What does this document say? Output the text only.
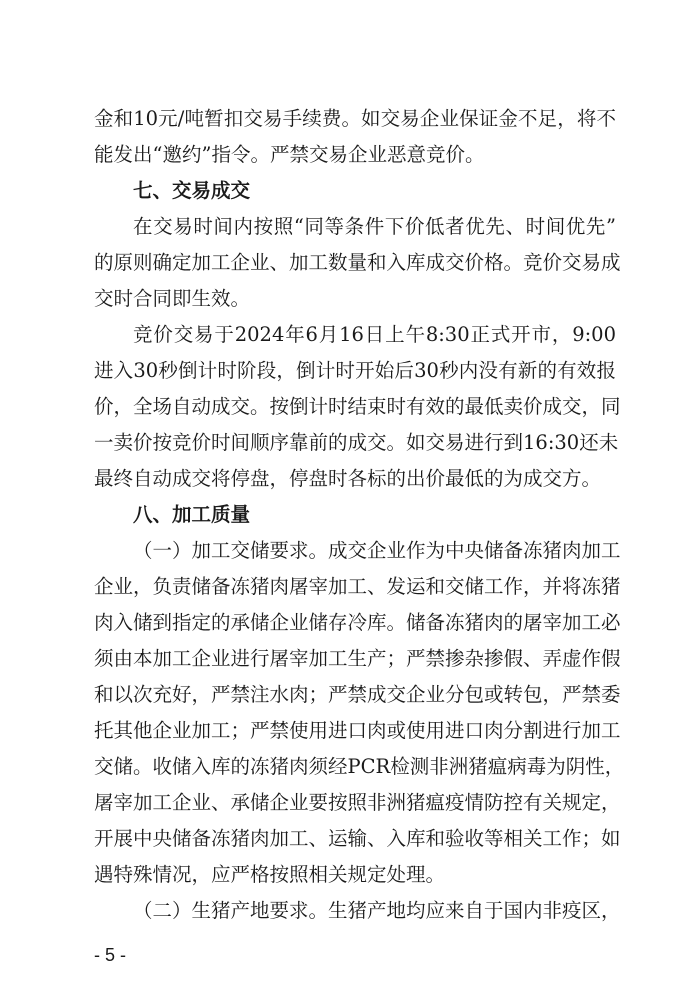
金和10元/吨暂扣交易手续费。如交易企业保证金不足，将不
能发出“邀约”指令。严禁交易企业恶意竞价。
七、交易成交
在交易时间内按照“同等条件下价低者优先、时间优先”
的原则确定加工企业、加工数量和入库成交价格。竞价交易成
交时合同即生效。
竞价交易于2024年6月16日上午8:30正式开市，9:00
进入30秒倒计时阶段，倒计时开始后30秒内没有新的有效报
价，全场自动成交。按倒计时结束时有效的最低卖价成交，同
一卖价按竞价时间顺序靠前的成交。如交易进行到16:30还未
最终自动成交将停盘，停盘时各标的出价最低的为成交方。
八、加工质量
（一）加工交储要求。成交企业作为中央储备冻猪肉加工
企业，负责储备冻猪肉屠宰加工、发运和交储工作，并将冻猪
肉入储到指定的承储企业储存冷库。储备冻猪肉的屠宰加工必
须由本加工企业进行屠宰加工生产；严禁掺杂掺假、弄虚作假
和以次充好，严禁注水肉；严禁成交企业分包或转包，严禁委
托其他企业加工；严禁使用进口肉或使用进口肉分割进行加工
交储。收储入库的冻猪肉须经PCR检测非洲猪瘟病毒为阴性，
屠宰加工企业、承储企业要按照非洲猪瘟疫情防控有关规定，
开展中央储备冻猪肉加工、运输、入库和验收等相关工作；如
遇特殊情况，应严格按照相关规定处理。
（二）生猪产地要求。生猪产地均应来自于国内非疫区，
- 5 -
